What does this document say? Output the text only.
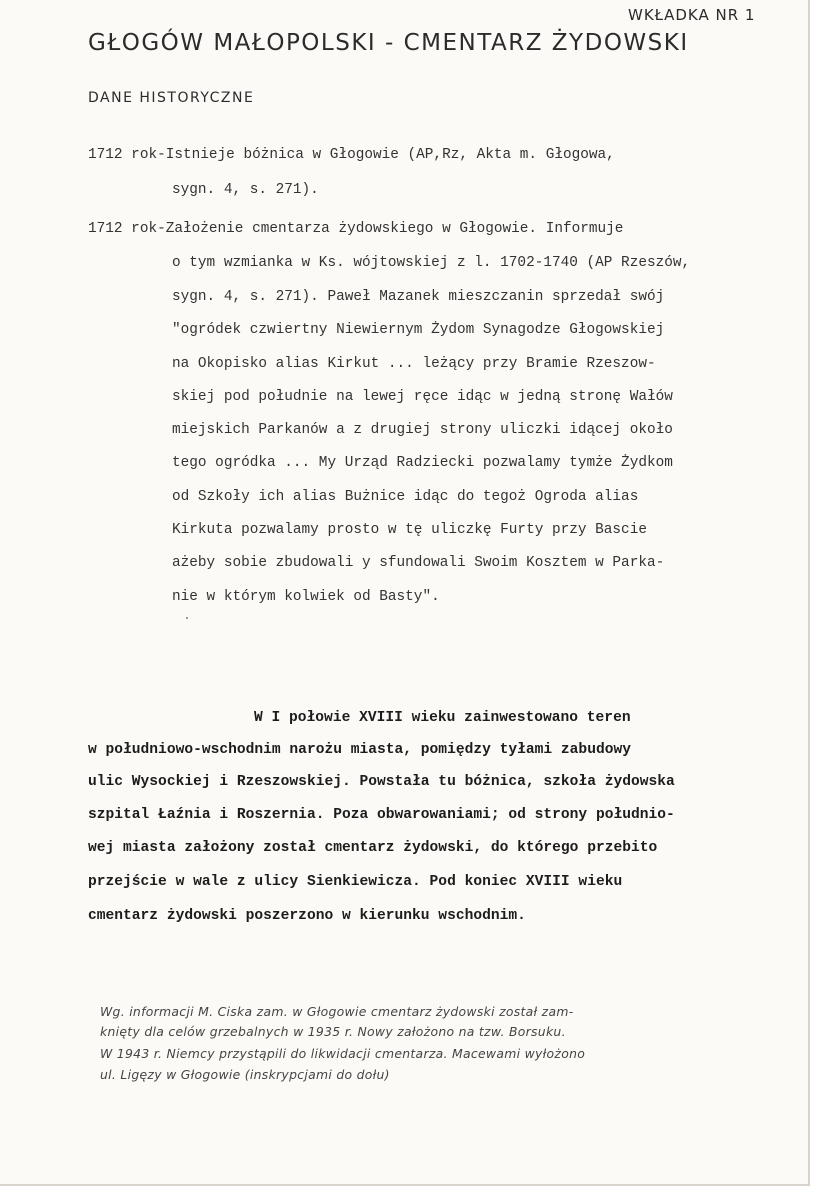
WKŁADKA NR 1
GŁOGÓW MAŁOPOLSKI - CMENTARZ ŻYDOWSKI
DANE HISTORYCZNE
1712 rok-Istnieje bóżnica w Głogowie (AP,Rz, Akta m. Głogowa,
sygn. 4, s. 271).
1712 rok-Założenie cmentarza żydowskiego w Głogowie. Informuje
o tym wzmianka w Ks. wójtowskiej z l. 1702-1740 (AP Rzeszów,
sygn. 4, s. 271). Paweł Mazanek mieszczanin sprzedał swój
"ogródek czwiertny Niewiernym Żydom Synagodze Głogowskiej
na Okopisko alias Kirkut ... leżący przy Bramie Rzeszow-
skiej pod południe na lewej ręce idąc w jedną stronę Wałów
miejskich Parkanów a z drugiej strony uliczki idącej około
tego ogródka ... My Urząd Radziecki pozwalamy tymże Żydkom
od Szkoły ich alias Bużnice idąc do tegoż Ogroda alias
Kirkuta pozwalamy prosto w tę uliczkę Furty przy Bascie
ażeby sobie zbudowali y sfundowali Swoim Kosztem w Parka-
nie w którym kolwiek od Basty".
W I połowie XVIII wieku zainwestowano teren
w południowo-wschodnim narożu miasta, pomiędzy tyłami zabudowy
ulic Wysockiej i Rzeszowskiej. Powstała tu bóżnica, szkoła żydowska
szpital Łaźnia i Roszernia. Poza obwarowaniami; od strony południo-
wej miasta założony został cmentarz żydowski, do którego przebito
przejście w wale z ulicy Sienkiewicza. Pod koniec XVIII wieku
cmentarz żydowski poszerzono w kierunku wschodnim.
Wg. informacji M. Ciska zam. w Głogowie cmentarz żydowski został zam-
knięty dla celów grzebalnych w 1935 r. Nowy założono na tzw. Borsuku.
W 1943 r. Niemcy przystąpili do likwidacji cmentarza. Macewami wyłożono
ul. Ligęzy w Głogowie (inskrypcjami do dołu)
